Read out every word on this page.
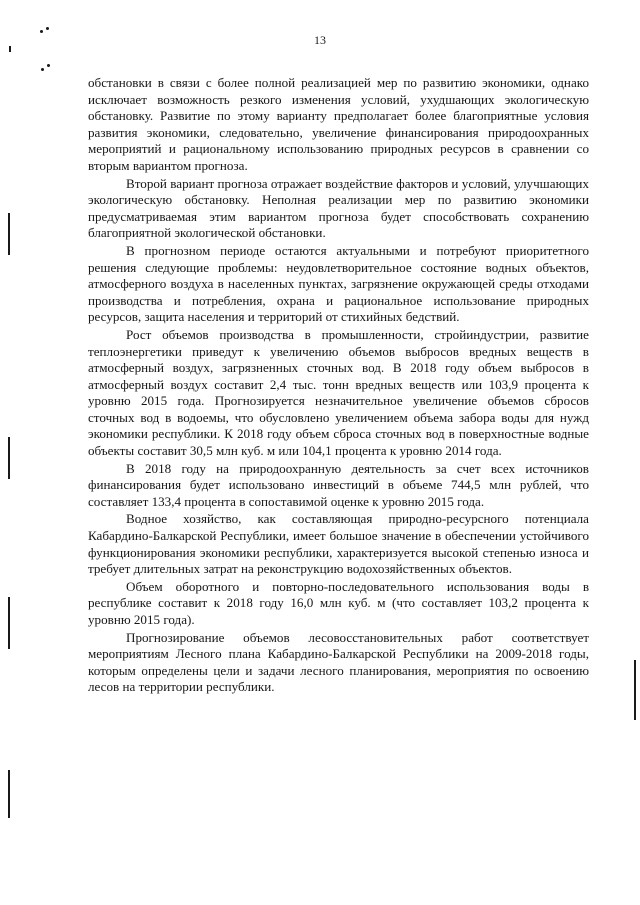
13

обстановки в связи с более полной реализацией мер по развитию экономики, однако исключает возможность резкого изменения условий, ухудшающих экологическую обстановку. Развитие по этому варианту предполагает более благоприятные условия развития экономики, следовательно, увеличение финансирования природоохранных мероприятий и рациональному использованию природных ресурсов в сравнении со вторым вариантом прогноза.

Второй вариант прогноза отражает воздействие факторов и условий, улучшающих экологическую обстановку. Неполная реализации мер по развитию экономики предусматриваемая этим вариантом прогноза будет способствовать сохранению благоприятной экологической обстановки.

В прогнозном периоде остаются актуальными и потребуют приоритетного решения следующие проблемы: неудовлетворительное состояние водных объектов, атмосферного воздуха в населенных пунктах, загрязнение окружающей среды отходами производства и потребления, охрана и рациональное использование природных ресурсов, защита населения и территорий от стихийных бедствий.

Рост объемов производства в промышленности, стройиндустрии, развитие теплоэнергетики приведут к увеличению объемов выбросов вредных веществ в атмосферный воздух, загрязненных сточных вод. В 2018 году объем выбросов в атмосферный воздух составит 2,4 тыс. тонн вредных веществ или 103,9 процента к уровню 2015 года. Прогнозируется незначительное увеличение объемов сбросов сточных вод в водоемы, что обусловлено увеличением объема забора воды для нужд экономики республики. К 2018 году объем сброса сточных вод в поверхностные водные объекты составит 30,5 млн куб. м или 104,1 процента к уровню 2014 года.

В 2018 году на природоохранную деятельность за счет всех источников финансирования будет использовано инвестиций в объеме 744,5 млн рублей, что составляет 133,4 процента в сопоставимой оценке к уровню 2015 года.

Водное хозяйство, как составляющая природно-ресурсного потенциала Кабардино-Балкарской Республики, имеет большое значение в обеспечении устойчивого функционирования экономики республики, характеризуется высокой степенью износа и требует длительных затрат на реконструкцию водохозяйственных объектов.

Объем оборотного и повторно-последовательного использования воды в республике составит к 2018 году 16,0 млн куб. м (что составляет 103,2 процента к уровню 2015 года).

Прогнозирование объемов лесовосстановительных работ соответствует мероприятиям Лесного плана Кабардино-Балкарской Республики на 2009-2018 годы, которым определены цели и задачи лесного планирования, мероприятия по освоению лесов на территории республики.
